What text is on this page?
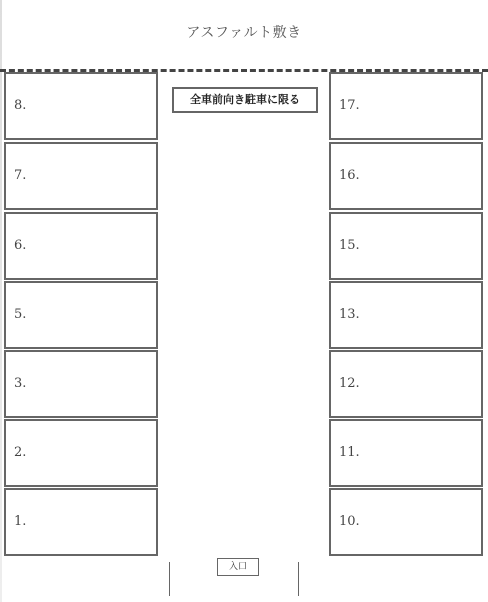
アスファルト敷き
全車前向き駐車に限る
8.
7.
6.
5.
3.
2.
1.
17.
16.
15.
13.
12.
11.
10.
入口
